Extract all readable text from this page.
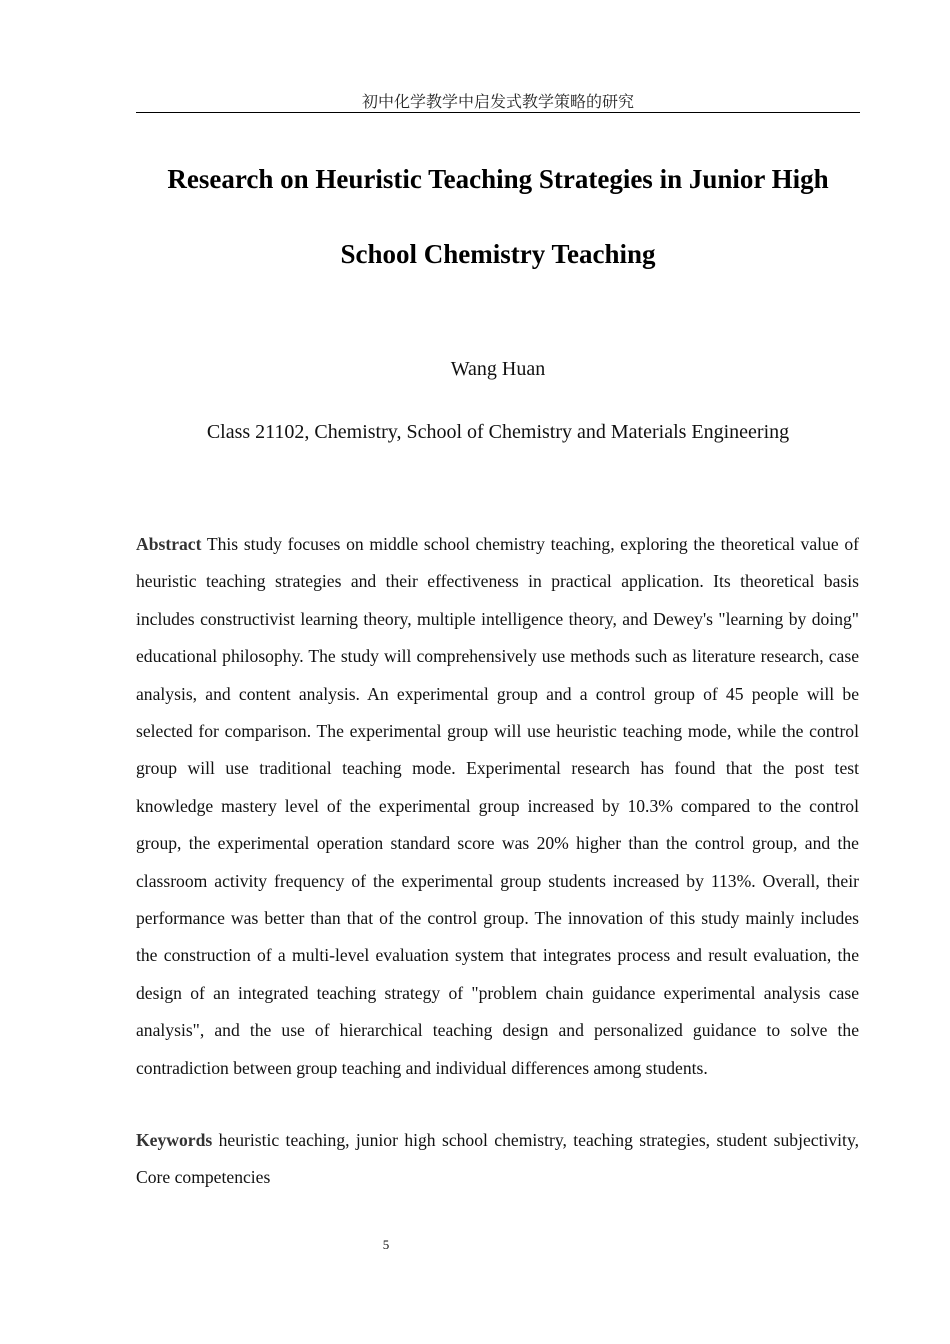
初中化学教学中启发式教学策略的研究
Research on Heuristic Teaching Strategies in Junior High
School Chemistry Teaching
Wang Huan
Class 21102, Chemistry, School of Chemistry and Materials Engineering

Abstract This study focuses on middle school chemistry teaching, exploring the theoretical value of heuristic teaching strategies and their effectiveness in practical application. Its theoretical basis includes constructivist learning theory, multiple intelligence theory, and Dewey's "learning by doing" educational philosophy. The study will comprehensively use methods such as literature research, case analysis, and content analysis. An experimental group and a control group of 45 people will be selected for comparison. The experimental group will use heuristic teaching mode, while the control group will use traditional teaching mode. Experimental research has found that the post test knowledge mastery level of the experimental group increased by 10.3% compared to the control group, the experimental operation standard score was 20% higher than the control group, and the classroom activity frequency of the experimental group students increased by 113%. Overall, their performance was better than that of the control group. The innovation of this study mainly includes the construction of a multi-level evaluation system that integrates process and result evaluation, the design of an integrated teaching strategy of "problem chain guidance experimental analysis case analysis", and the use of hierarchical teaching design and personalized guidance to solve the contradiction between group teaching and individual differences among students.

Keywords heuristic teaching, junior high school chemistry, teaching strategies, student subjectivity, Core competencies

5
